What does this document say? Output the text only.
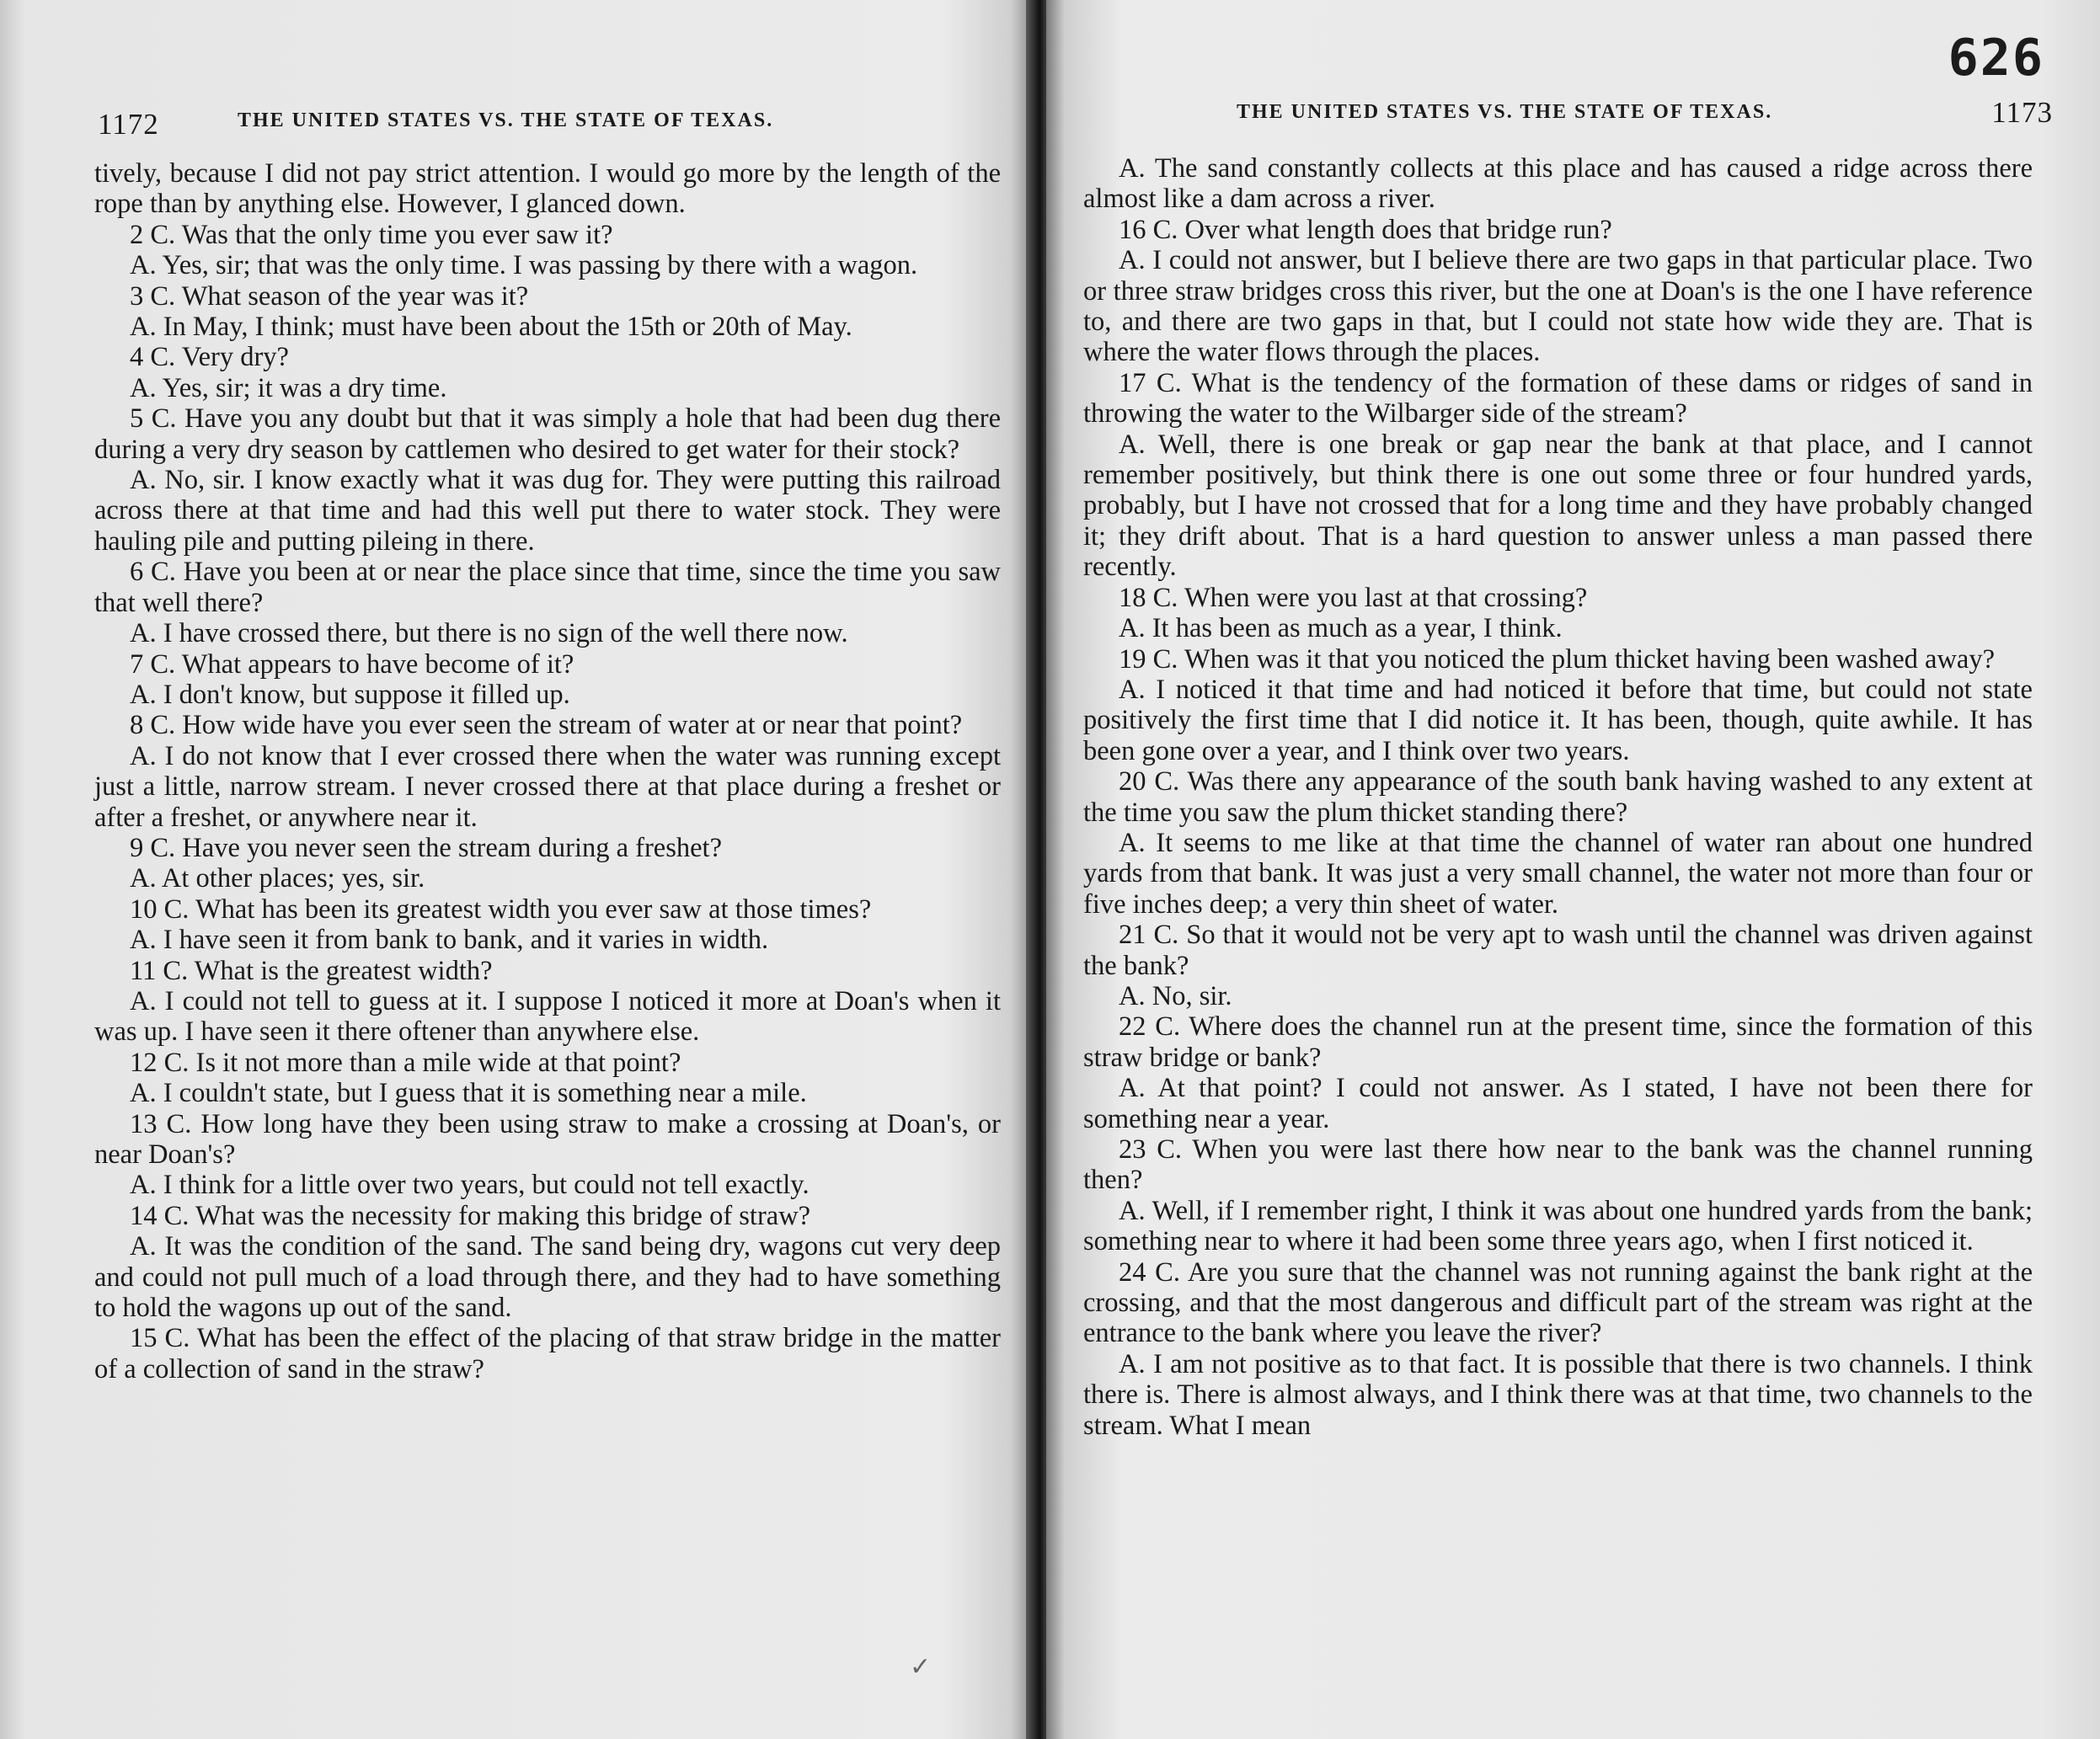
1172	THE UNITED STATES VS. THE STATE OF TEXAS.

tively, because I did not pay strict attention. I would go more by the length of the rope than by anything else. However, I glanced down.

2 C. Was that the only time you ever saw it?

A. Yes, sir; that was the only time. I was passing by there with a wagon.

3 C. What season of the year was it?

A. In May, I think; must have been about the 15th or 20th of May.

4 C. Very dry?

A. Yes, sir; it was a dry time.

5 C. Have you any doubt but that it was simply a hole that had been dug there during a very dry season by cattlemen who desired to get water for their stock?

A. No, sir. I know exactly what it was dug for. They were putting this railroad across there at that time and had this well put there to water stock. They were hauling pile and putting pileing in there.

6 C. Have you been at or near the place since that time, since the time you saw that well there?

A. I have crossed there, but there is no sign of the well there now.

7 C. What appears to have become of it?

A. I don't know, but suppose it filled up.

8 C. How wide have you ever seen the stream of water at or near that point?

A. I do not know that I ever crossed there when the water was running except just a little, narrow stream. I never crossed there at that place during a freshet or after a freshet, or anywhere near it.

9 C. Have you never seen the stream during a freshet?

A. At other places; yes, sir.

10 C. What has been its greatest width you ever saw at those times?

A. I have seen it from bank to bank, and it varies in width.

11 C. What is the greatest width?

A. I could not tell to guess at it. I suppose I noticed it more at Doan's when it was up. I have seen it there oftener than anywhere else.

12 C. Is it not more than a mile wide at that point?

A. I couldn't state, but I guess that it is something near a mile.

13 C. How long have they been using straw to make a crossing at Doan's, or near Doan's?

A. I think for a little over two years, but could not tell exactly.

14 C. What was the necessity for making this bridge of straw?

A. It was the condition of the sand. The sand being dry, wagons cut very deep and could not pull much of a load through there, and they had to have something to hold the wagons up out of the sand.

15 C. What has been the effect of the placing of that straw bridge in the matter of a collection of sand in the straw?

✓
626
THE UNITED STATES VS. THE STATE OF TEXAS.	1173

A. The sand constantly collects at this place and has caused a ridge across there almost like a dam across a river.

16 C. Over what length does that bridge run?

A. I could not answer, but I believe there are two gaps in that particular place. Two or three straw bridges cross this river, but the one at Doan's is the one I have reference to, and there are two gaps in that, but I could not state how wide they are. That is where the water flows through the places.

17 C. What is the tendency of the formation of these dams or ridges of sand in throwing the water to the Wilbarger side of the stream?

A. Well, there is one break or gap near the bank at that place, and I cannot remember positively, but think there is one out some three or four hundred yards, probably, but I have not crossed that for a long time and they have probably changed it; they drift about. That is a hard question to answer unless a man passed there recently.

18 C. When were you last at that crossing?

A. It has been as much as a year, I think.

19 C. When was it that you noticed the plum thicket having been washed away?

A. I noticed it that time and had noticed it before that time, but could not state positively the first time that I did notice it. It has been, though, quite awhile. It has been gone over a year, and I think over two years.

20 C. Was there any appearance of the south bank having washed to any extent at the time you saw the plum thicket standing there?

A. It seems to me like at that time the channel of water ran about one hundred yards from that bank. It was just a very small channel, the water not more than four or five inches deep; a very thin sheet of water.

21 C. So that it would not be very apt to wash until the channel was driven against the bank?

A. No, sir.

22 C. Where does the channel run at the present time, since the formation of this straw bridge or bank?

A. At that point? I could not answer. As I stated, I have not been there for something near a year.

23 C. When you were last there how near to the bank was the channel running then?

A. Well, if I remember right, I think it was about one hundred yards from the bank; something near to where it had been some three years ago, when I first noticed it.

24 C. Are you sure that the channel was not running against the bank right at the crossing, and that the most dangerous and difficult part of the stream was right at the entrance to the bank where you leave the river?

A. I am not positive as to that fact. It is possible that there is two channels. I think there is. There is almost always, and I think there was at that time, two channels to the stream. What I mean
